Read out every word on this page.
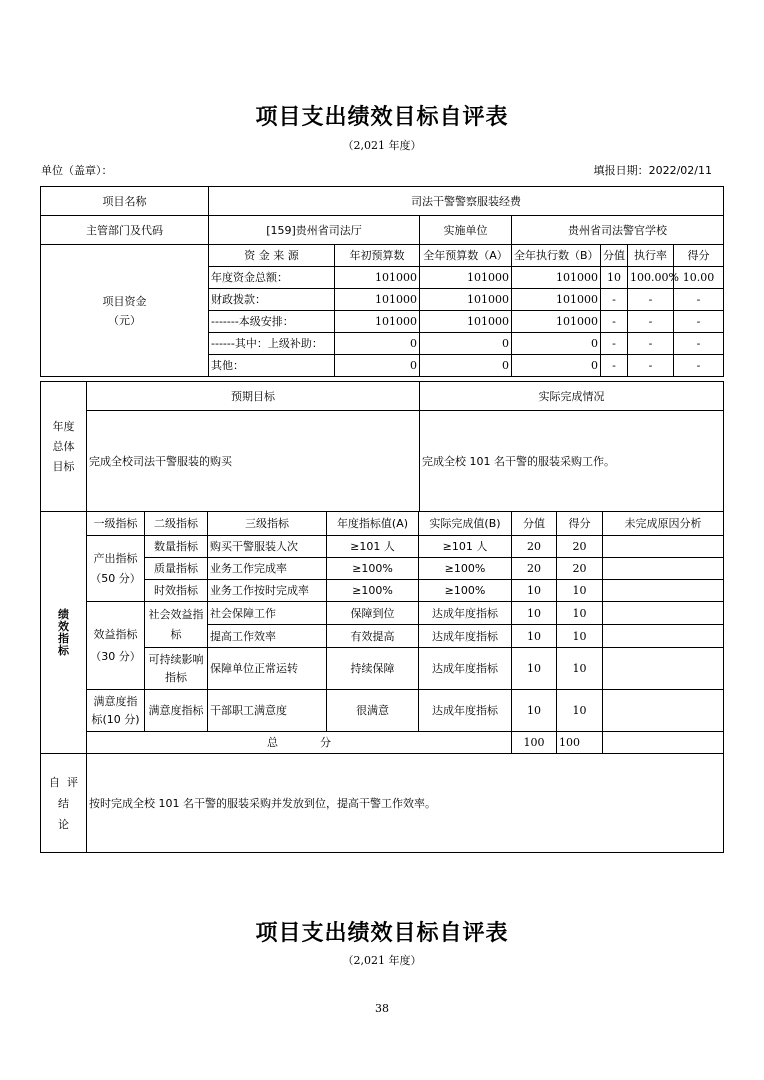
项目支出绩效目标自评表
（2,021 年度）
单位（盖章）：	填报日期：2022/02/11
项目名称	司法干警警察服装经费						
主管部门及代码	[159]贵州省司法厅		实施单位	贵州省司法警官学校			

项目资金
（元）	资 金 来 源	年初预算数	全年预算数（A）	全年执行数（B）	分值	执行率	得分
	年度资金总额：	101000	101000	101000	10	100.00%	10.00
	财政拨款：	101000	101000	101000	-	-	-
	-------本级安排：	101000	101000	101000	-	-	-
	------其中：上级补助：	0	0	0	-	-	-
	其他：	0	0	0	-	-	-
年度
总体
目标	预期目标	实际完成情况
	完成全校司法干警服装的购买	完成全校 101 名干警的服装采购工作。
绩效指标	一级指标	二级指标	三级指标	年度指标值(A)	实际完成值(B)	分值	得分	未完成原因分析

	产出指标
（50 分）	数量指标	购买干警服装人次	≥101 人	≥101 人	20	20	
		质量指标	业务工作完成率	≥100%	≥100%	20	20	
		时效指标	业务工作按时完成率	≥100%	≥100%	10	10	

	效益指标
（30 分）	社会效益指标	社会保障工作	保障到位	达成年度指标	10	10	
			提高工作效率	有效提高	达成年度指标	10	10	
		可持续影响指标	保障单位正常运转	持续保障	达成年度指标	10	10	
	满意度指标(10 分)	满意度指标	干部职工满意度	很满意	达成年度指标	10	10	
	总            分					100	100	
自  评
结
论
	按时完成全校 101 名干警的服装采购并发放到位，提高干警工作效率。
项目支出绩效目标自评表
（2,021 年度）
38
